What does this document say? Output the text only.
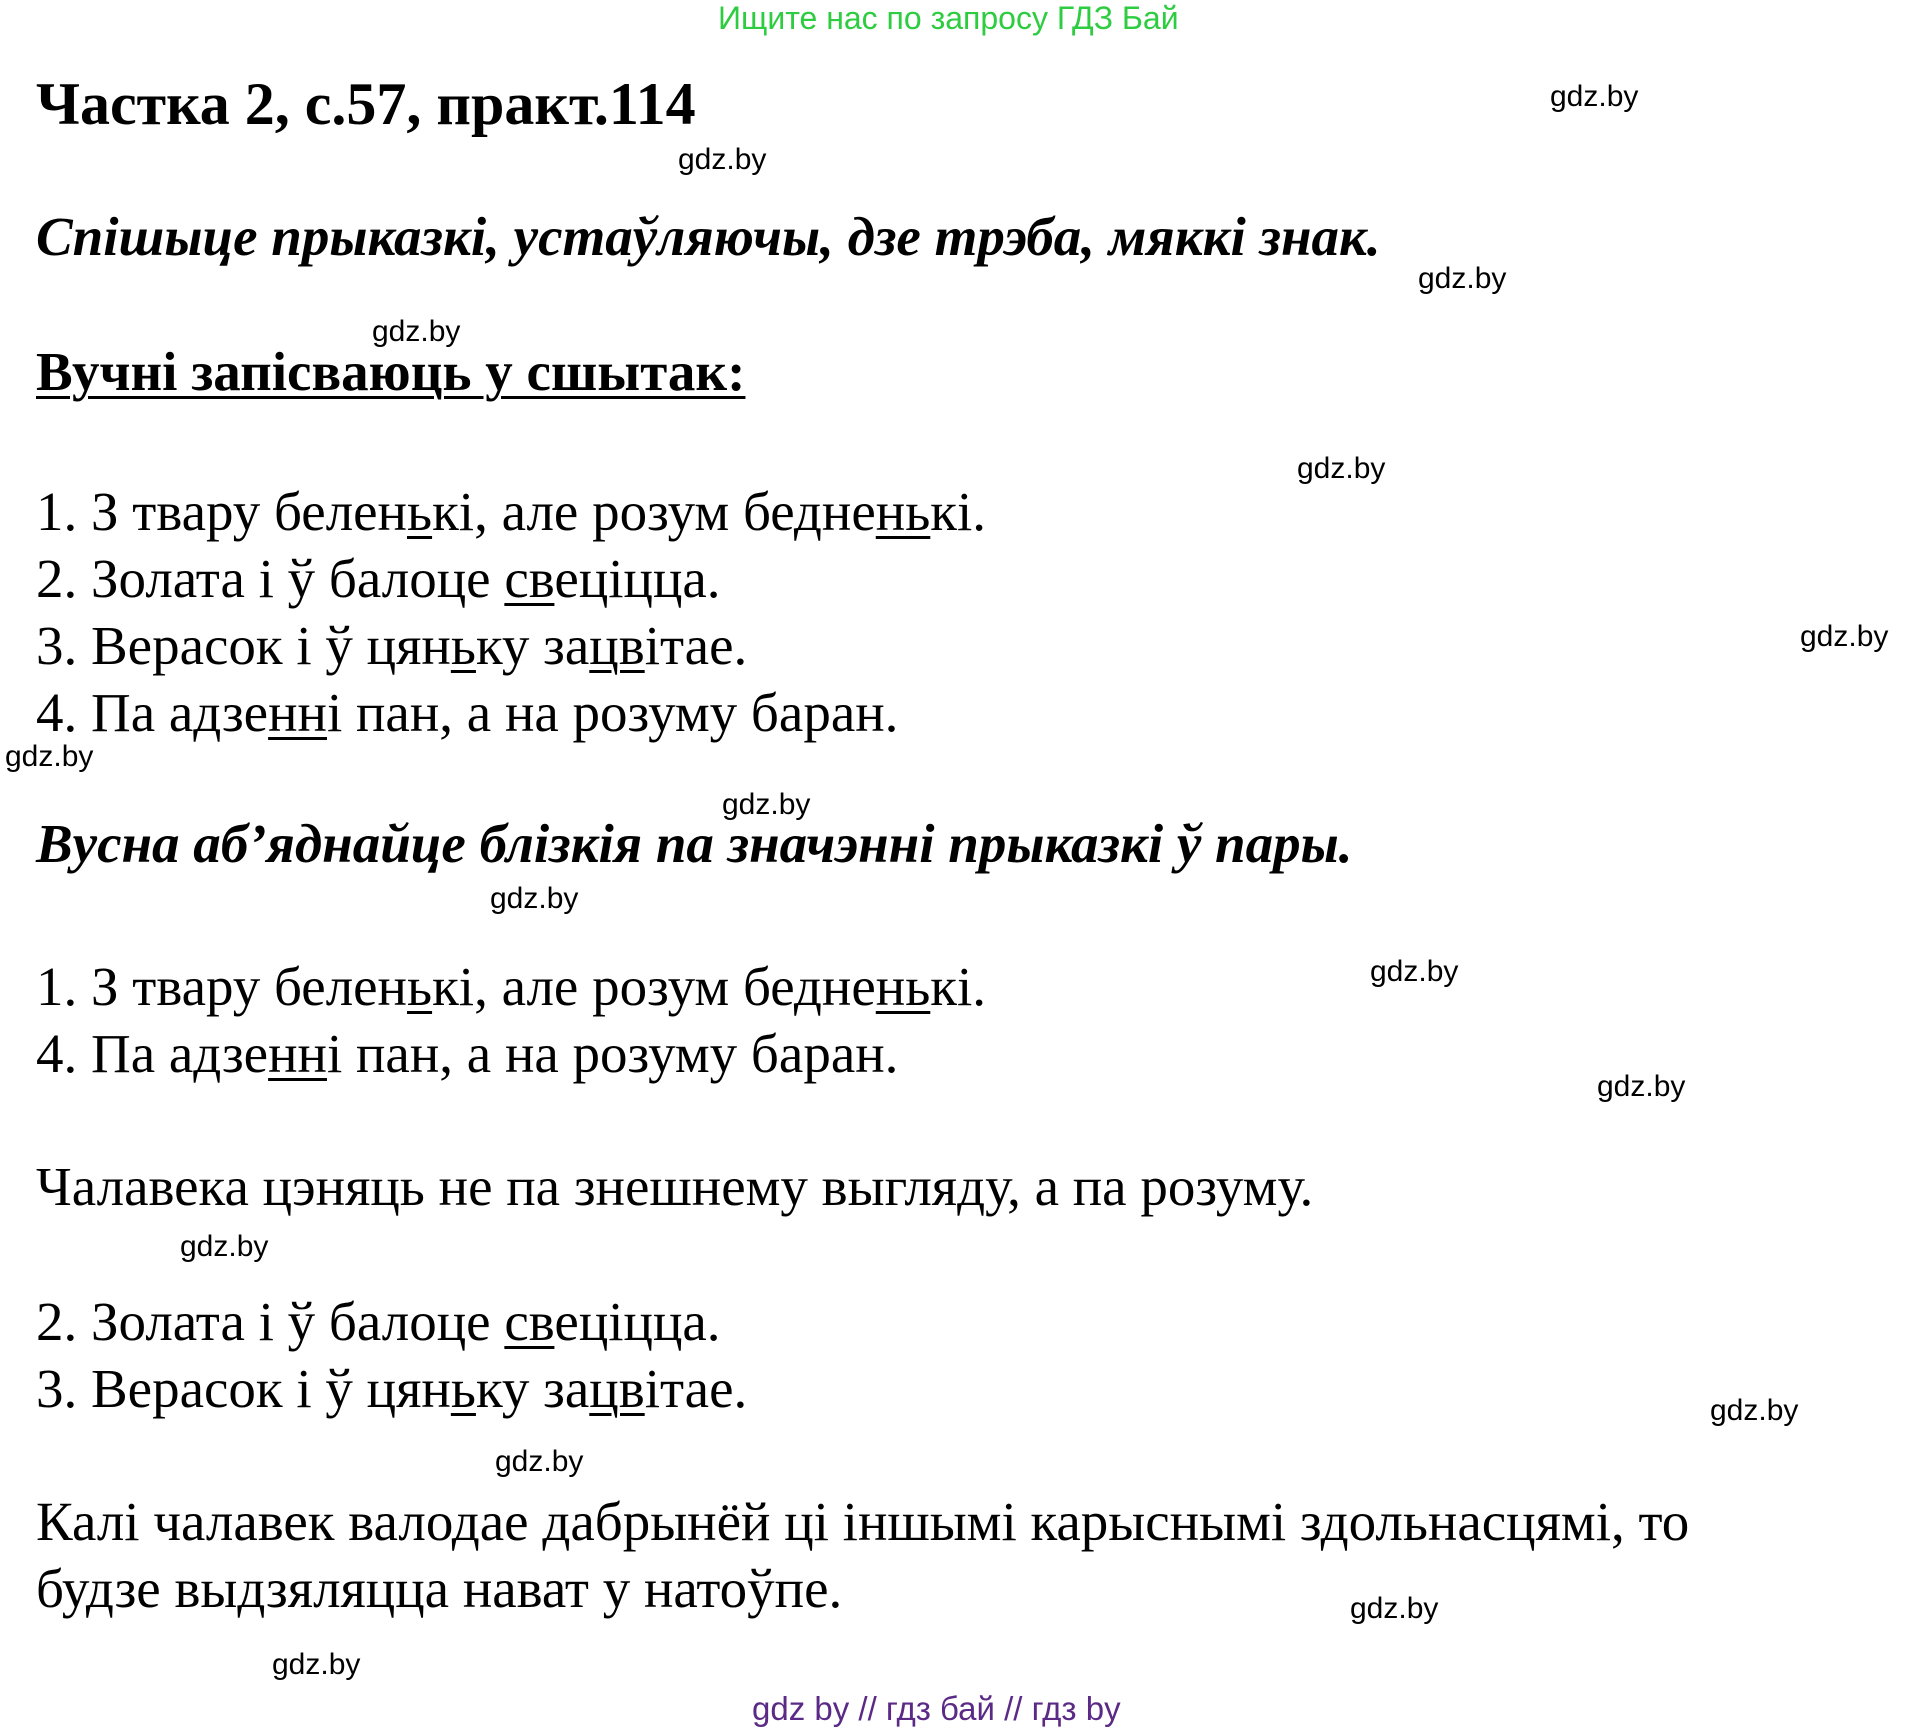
Ищите нас по запросу ГДЗ Бай
Частка 2, с.57, практ.114
Спішыце прыказкі, устаўляючы, дзе трэба, мяккі знак.
Вучні запісваюць у сшытак:
1. З твару беленькі, але розум бедненькі.
2. Золата і ў балоце свеціцца.
3. Верасок і ў цяньку зацвітае.
4. Па адзенні пан, а на розуму баран.
Вусна аб’яднайце блізкія па значэнні прыказкі ў пары.
1. З твару беленькі, але розум бедненькі.
4. Па адзенні пан, а на розуму баран.
Чалавека цэняць не па знешнему выгляду, а па розуму.
2. Золата і ў балоце свеціцца.
3. Верасок і ў цяньку зацвітае.
Калі чалавек валодае дабрынёй ці іншымі карыснымі здольнасцямі, то
будзе выдзяляцца нават у натоўпе.
gdz.by
gdz.by
gdz.by
gdz.by
gdz.by
gdz.by
gdz.by
gdz.by
gdz.by
gdz.by
gdz.by
gdz.by
gdz.by
gdz.by
gdz.by
gdz.by
gdz by // гдз бай // гдз by
